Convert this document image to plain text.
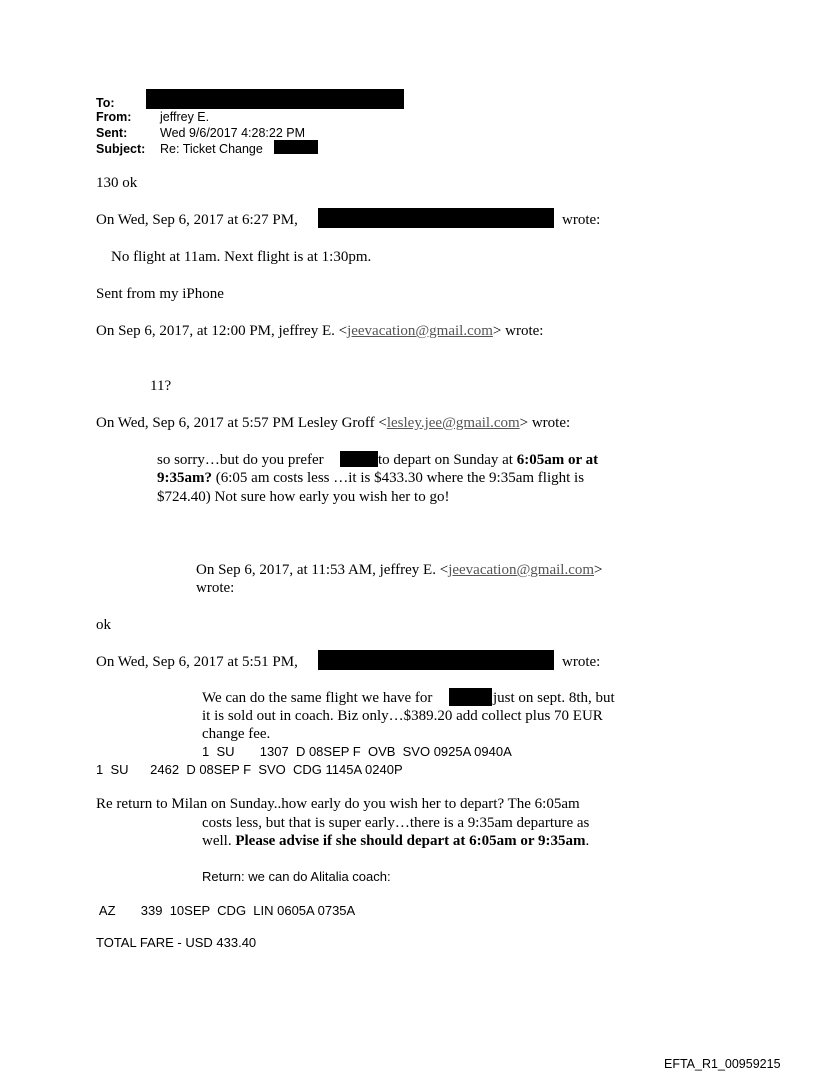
To:
From: jeffrey E.
Sent:	Wed 9/6/2017 4:28:22 PM
Subject: Re: Ticket Change
130 ok
On Wed, Sep 6, 2017 at 6:27 PM,	wrote:
No flight at 11am. Next flight is at 1:30pm.
Sent from my iPhone
On Sep 6, 2017, at 12:00 PM, jeffrey E. <jeevacation@gmail.com> wrote:
11?
On Wed, Sep 6, 2017 at 5:57 PM Lesley Groff <lesley.jee@gmail.com> wrote:
so sorry…but do you prefer	to depart on Sunday at 6:05am or at
9:35am? (6:05 am costs less …it is $433.30 where the 9:35am flight is
$724.40) Not sure how early you wish her to go!
On Sep 6, 2017, at 11:53 AM, jeffrey E. <jeevacation@gmail.com>
wrote:
ok
On Wed, Sep 6, 2017 at 5:51 PM,	wrote:
We can do the same flight we have for	just on sept. 8th, but
it is sold out in coach. Biz only…$389.20 add collect plus 70 EUR
change fee.
1  SU       1307  D 08SEP F  OVB  SVO 0925A 0940A
1  SU      2462  D 08SEP F  SVO  CDG 1145A 0240P
Re return to Milan on Sunday..how early do you wish her to depart? The 6:05am
costs less, but that is super early…there is a 9:35am departure as
well. Please advise if she should depart at 6:05am or 9:35am.
Return: we can do Alitalia coach:
AZ       339  10SEP  CDG  LIN 0605A 0735A
TOTAL FARE - USD 433.40
EFTA_R1_00959215
